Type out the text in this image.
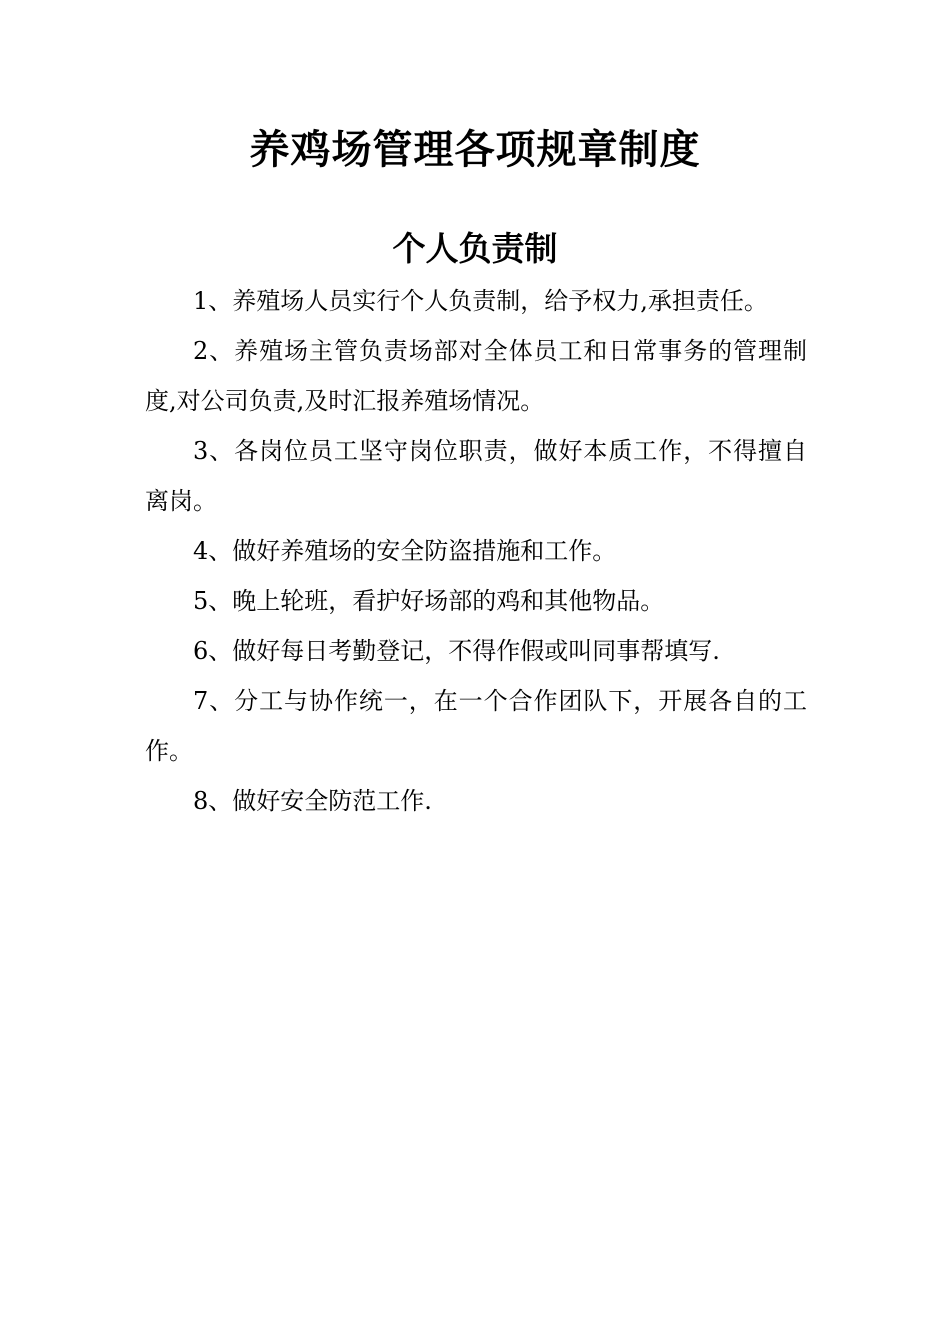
养鸡场管理各项规章制度
个人负责制

1、养殖场人员实行个人负责制，给予权力,承担责任。

2、养殖场主管负责场部对全体员工和日常事务的管理制度,对公司负责,及时汇报养殖场情况。

3、各岗位员工坚守岗位职责，做好本质工作，不得擅自离岗。

4、做好养殖场的安全防盗措施和工作。

5、晚上轮班，看护好场部的鸡和其他物品。

6、做好每日考勤登记，不得作假或叫同事帮填写.

7、分工与协作统一，在一个合作团队下，开展各自的工作。

8、做好安全防范工作.
